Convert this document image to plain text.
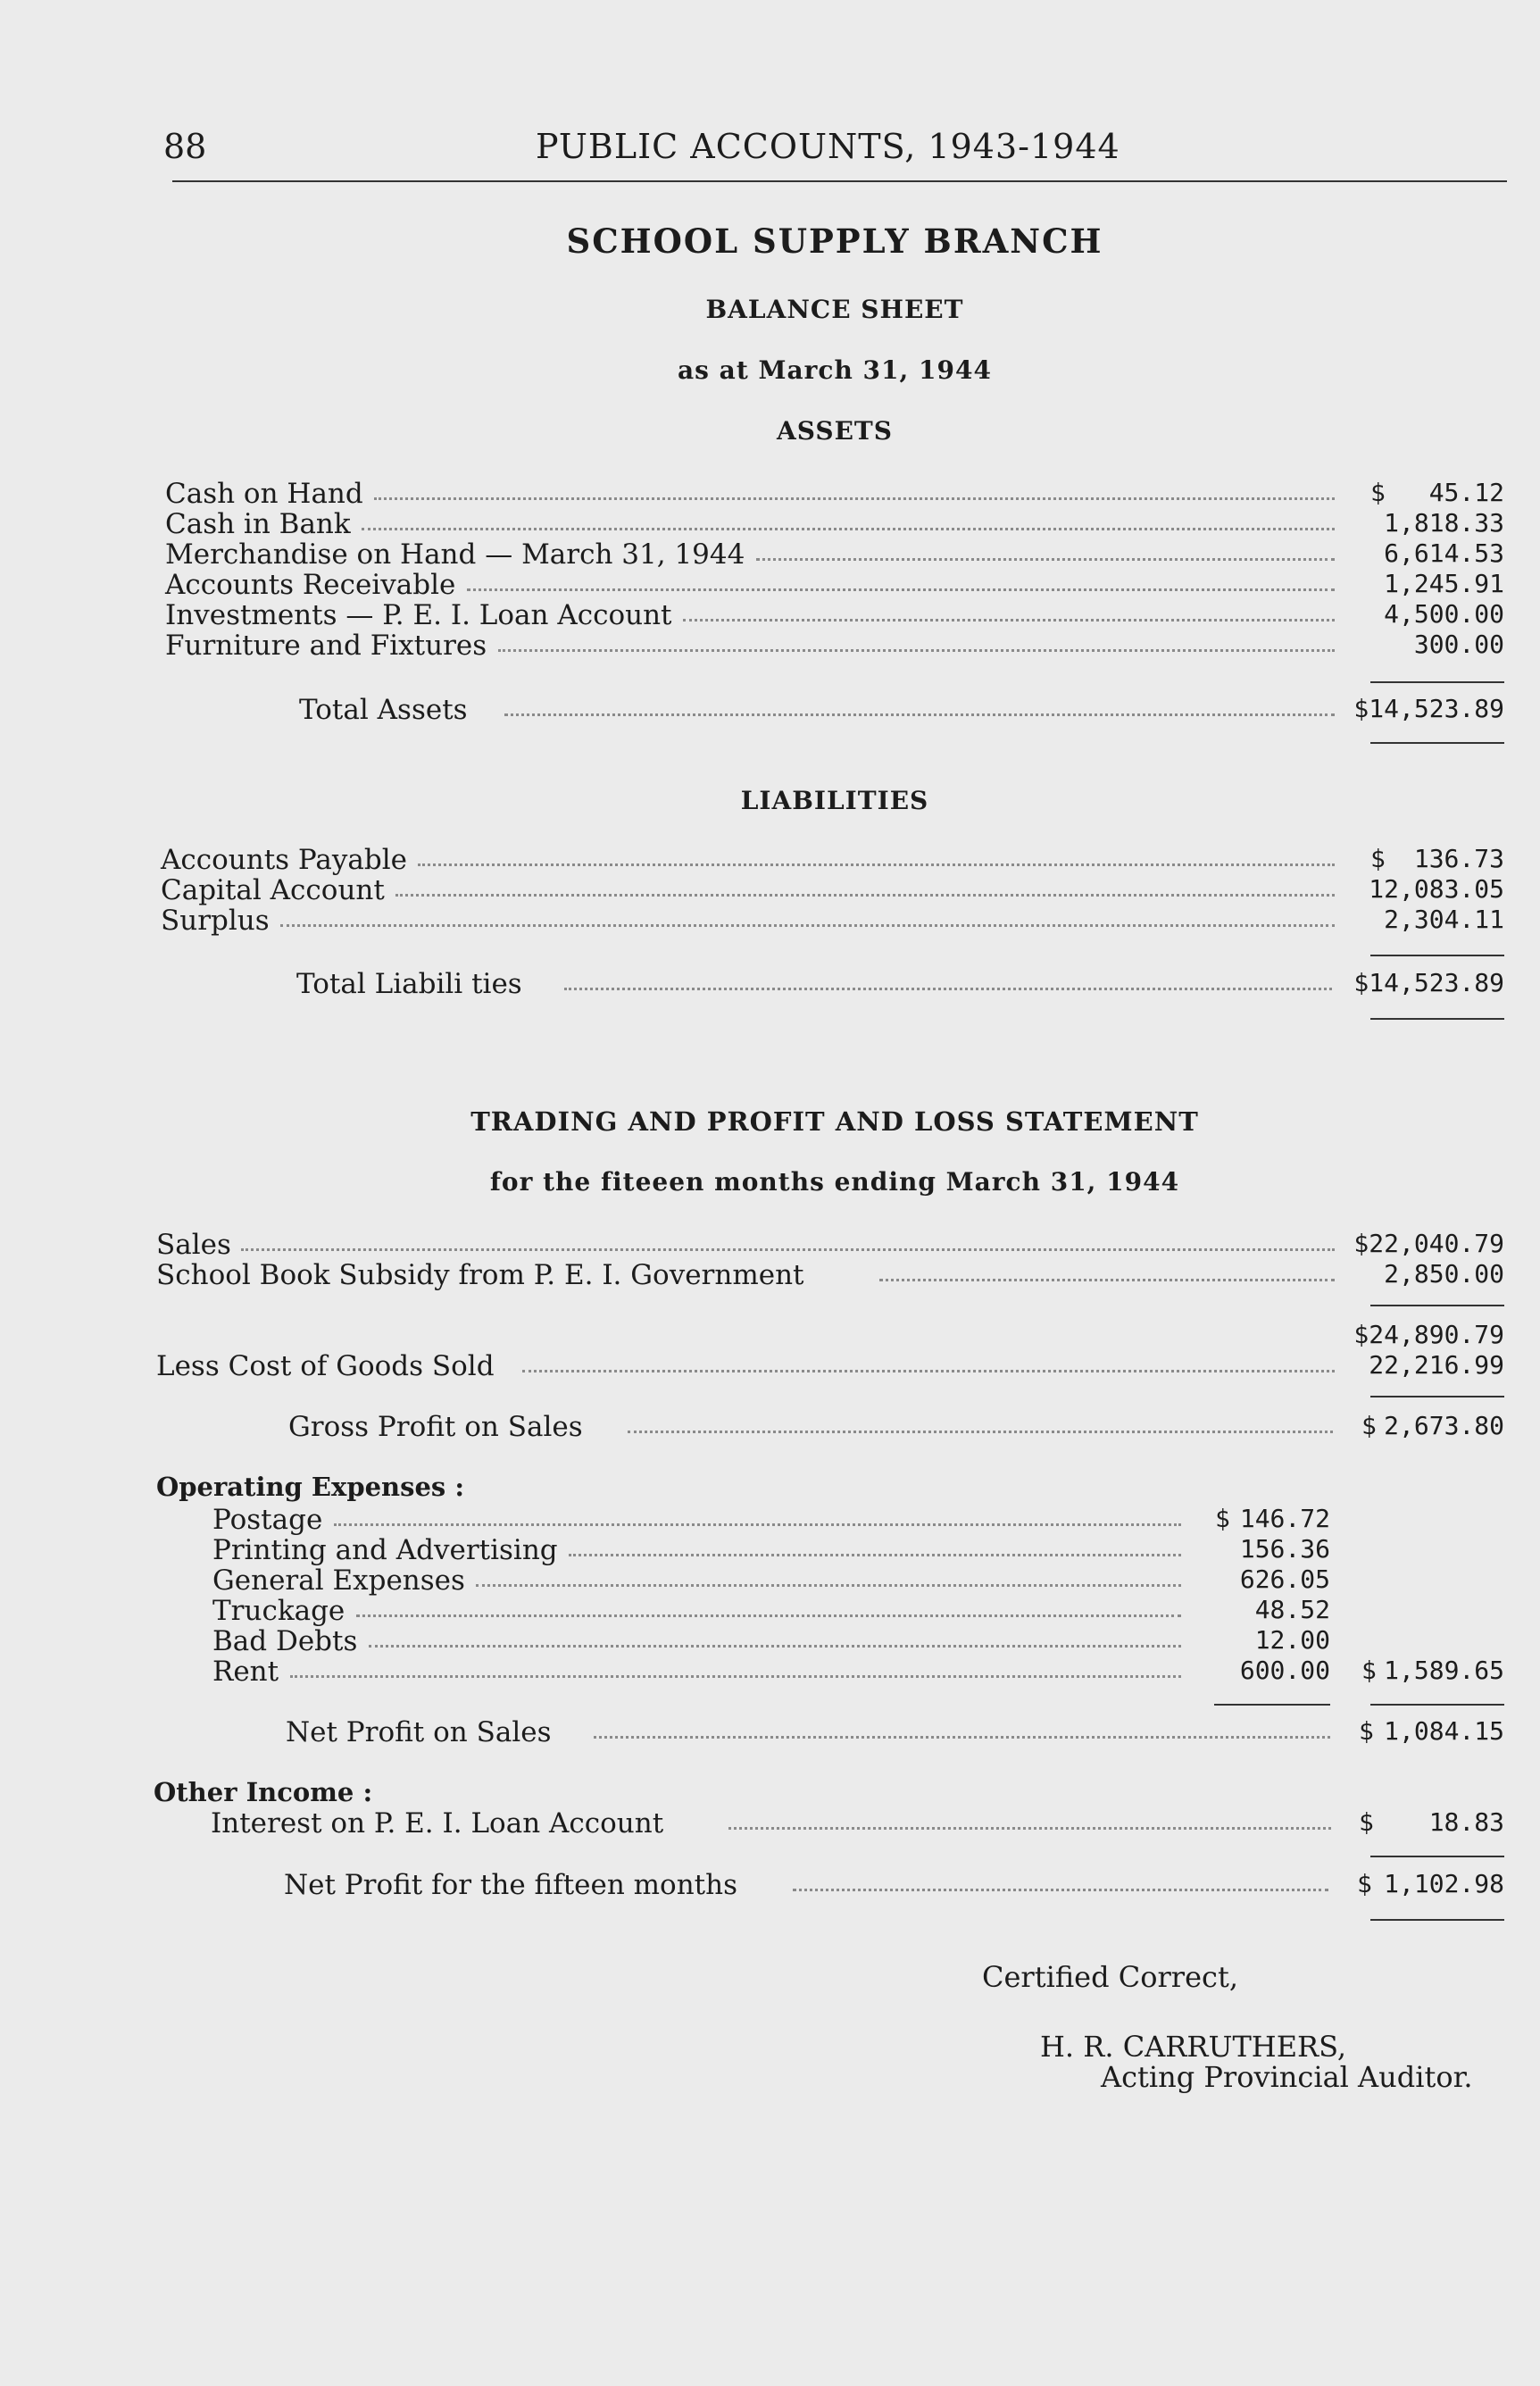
88	PUBLIC ACCOUNTS, 1943-1944
SCHOOL SUPPLY BRANCH
BALANCE SHEET
as at March 31, 1944
ASSETS
Cash on Hand	$ 45.12
Cash in Bank	1,818.33
Merchandise on Hand — March 31, 1944	6,614.53
Accounts Receivable	1,245.91
Investments — P. E. I. Loan Account	4,500.00
Furniture and Fixtures	300.00
Total Assets	$14,523.89
LIABILITIES
Accounts Payable	$ 136.73
Capital Account	12,083.05
Surplus	2,304.11
Total Liabili ties	$14,523.89
TRADING AND PROFIT AND LOSS STATEMENT
for the fiteeen months ending March 31, 1944
Sales	$22,040.79
School Book Subsidy from P. E. I. Government	2,850.00
$24,890.79
Less Cost of Goods Sold	22,216.99
Gross Profit on Sales	$ 2,673.80
Operating Expenses :
Postage	$ 146.72
Printing and Advertising	156.36
General Expenses	626.05
Truckage	48.52
Bad Debts	12.00
Rent	600.00 $ 1,589.65
Net Profit on Sales	$ 1,084.15
Other Income :
Interest on P. E. I. Loan Account	$ 18.83
Net Profit for the fifteen months	$ 1,102.98
Certified Correct,
H. R. CARRUTHERS,
Acting Provincial Auditor.
